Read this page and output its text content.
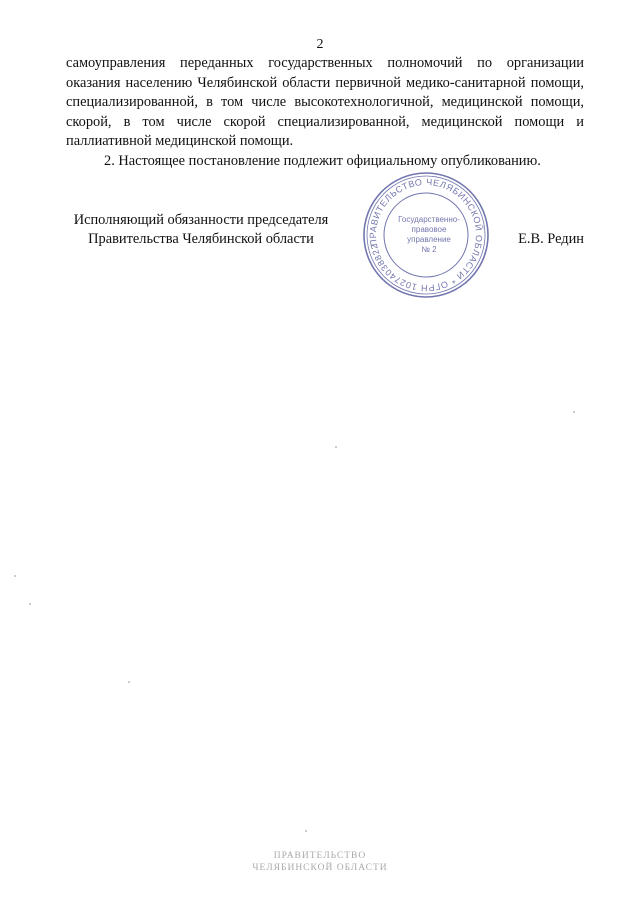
2

самоуправления переданных государственных полномочий по организации оказания населению Челябинской области первичной медико-санитарной помощи, специализированной, в том числе высокотехнологичной, медицинской помощи, скорой, в том числе скорой специализированной, медицинской помощи и паллиативной медицинской помощи.

2. Настоящее постановление подлежит официальному опубликованию.

Исполняющий обязанности председателя
Правительства Челябинской области	Е.В. Редин
ПРАВИТЕЛЬСТВО ЧЕЛЯБИНСКОЙ ОБЛАСТИ * ОГРН 1027403882210
Государственно-
правовое
управление
№ 2
ПРАВИТЕЛЬСТВО
ЧЕЛЯБИНСКОЙ ОБЛАСТИ
